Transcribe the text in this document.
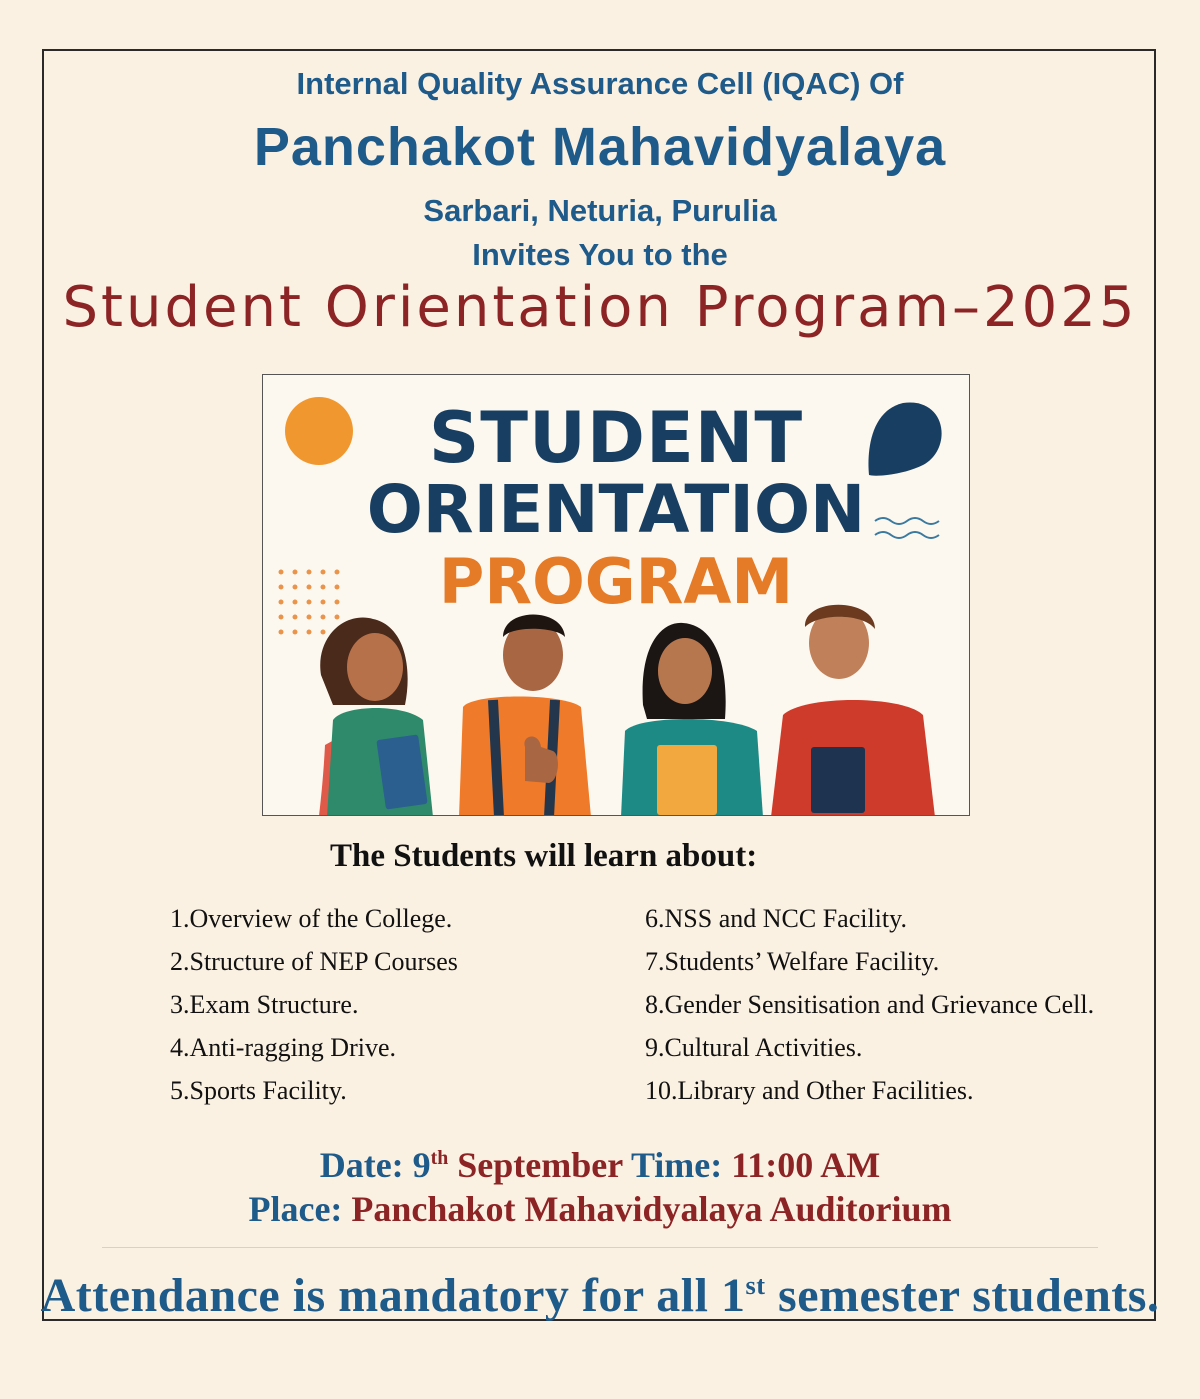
Internal Quality Assurance Cell (IQAC) Of
Panchakot Mahavidyalaya
Sarbari, Neturia, Purulia
Invites You to the
Student Orientation Program–2025
STUDENT
ORIENTATION
PROGRAM
The Students will learn about:
1.Overview of the College.
2.Structure of NEP Courses
3.Exam Structure.
4.Anti-ragging Drive.
5.Sports Facility.
6.NSS and NCC Facility.
7.Students’ Welfare Facility.
8.Gender Sensitisation and Grievance Cell.
9.Cultural Activities.
10.Library and Other Facilities.
Date: 9th September Time: 11:00 AM
Place: Panchakot Mahavidyalaya Auditorium
Attendance is mandatory for all 1st semester students.
